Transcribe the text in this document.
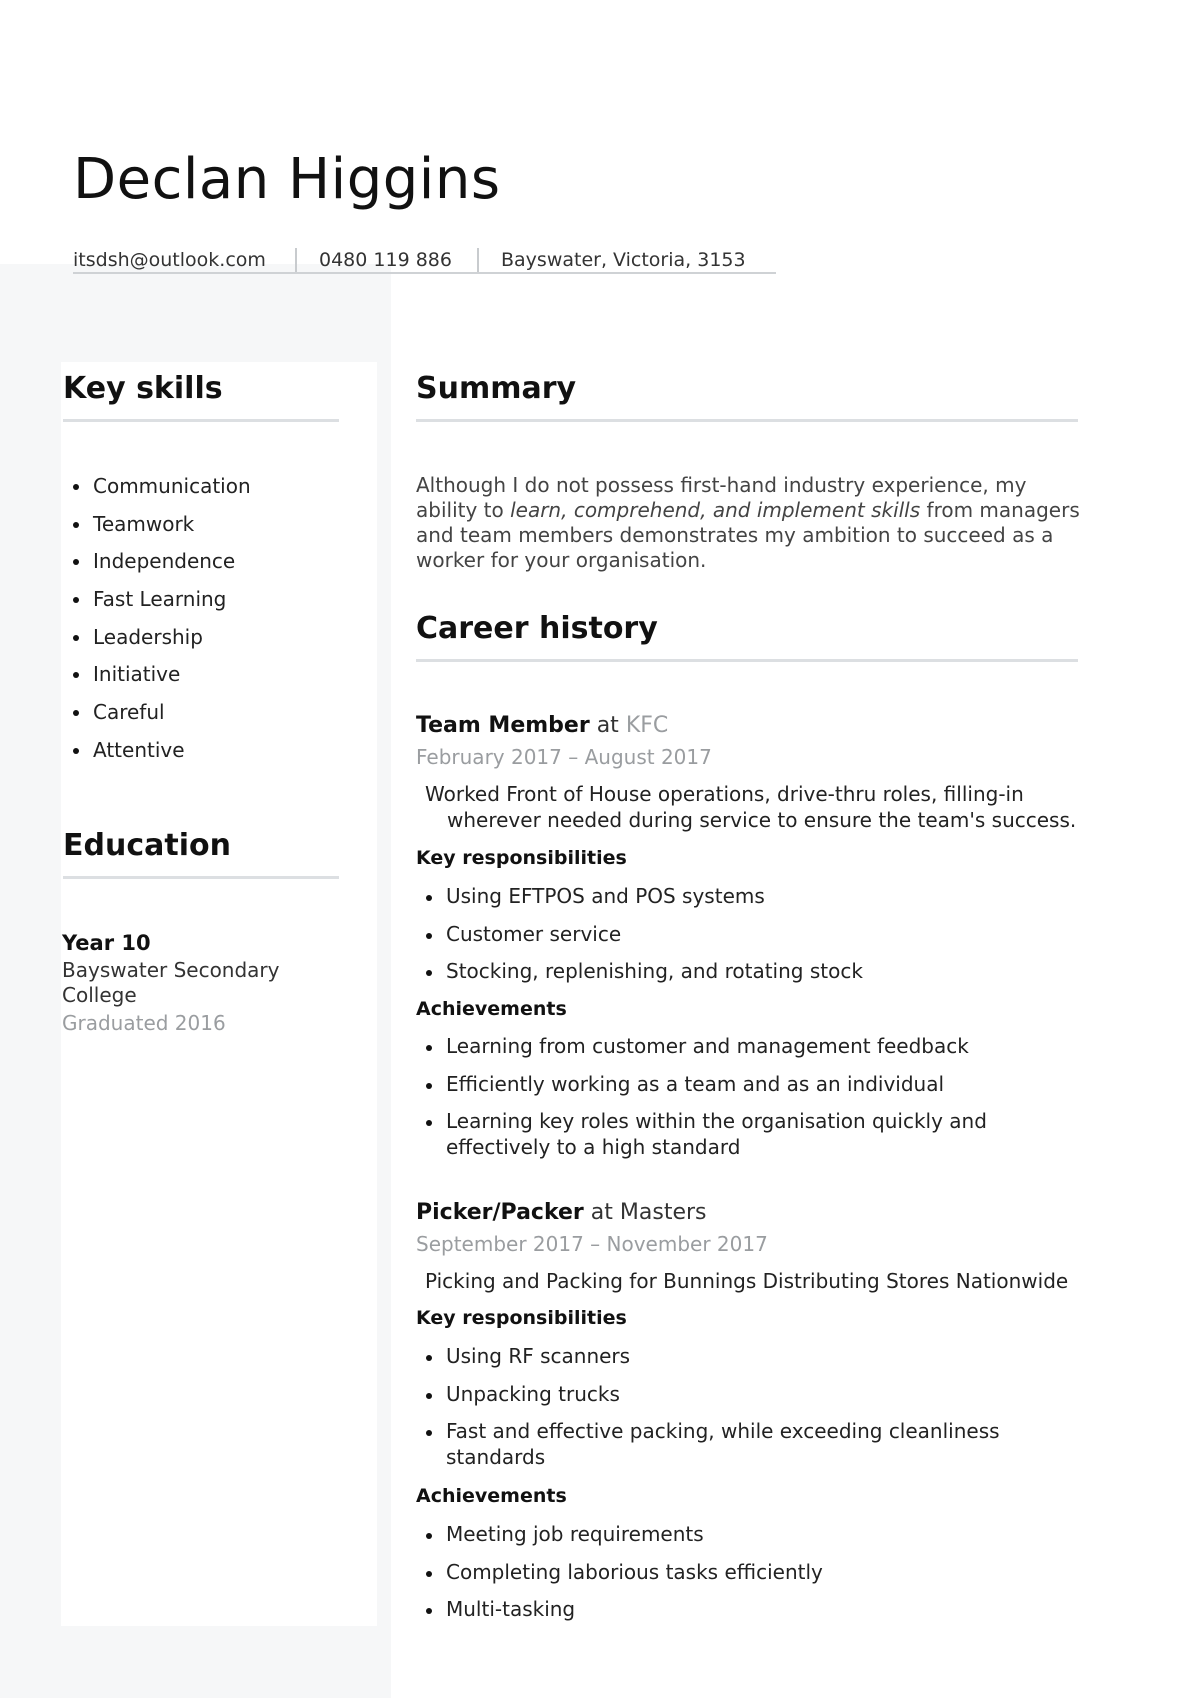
Declan Higgins
itsdsh@outlook.com	0480 119 886	Bayswater, Victoria, 3153
Key skills
Communication
Teamwork
Independence
Fast Learning
Leadership
Initiative
Careful
Attentive
Education
Year 10
Bayswater Secondary College
Graduated 2016
Summary

Although I do not possess first-hand industry experience, my ability to learn, comprehend, and implement skills from managers and team members demonstrates my ambition to succeed as a worker for your organisation.

Career history
Team Member at KFC
February 2017 – August 2017

Worked Front of House operations, drive-thru roles, filling-in wherever needed during service to ensure the team's success.

Key responsibilities
Using EFTPOS and POS systems
Customer service
Stocking, replenishing, and rotating stock
Achievements
Learning from customer and management feedback
Efficiently working as a team and as an individual
Learning key roles within the organisation quickly and effectively to a high standard
Picker/Packer at Masters
September 2017 – November 2017

Picking and Packing for Bunnings Distributing Stores Nationwide

Key responsibilities
Using RF scanners
Unpacking trucks
Fast and effective packing, while exceeding cleanliness standards
Achievements
Meeting job requirements
Completing laborious tasks efficiently
Multi-tasking
